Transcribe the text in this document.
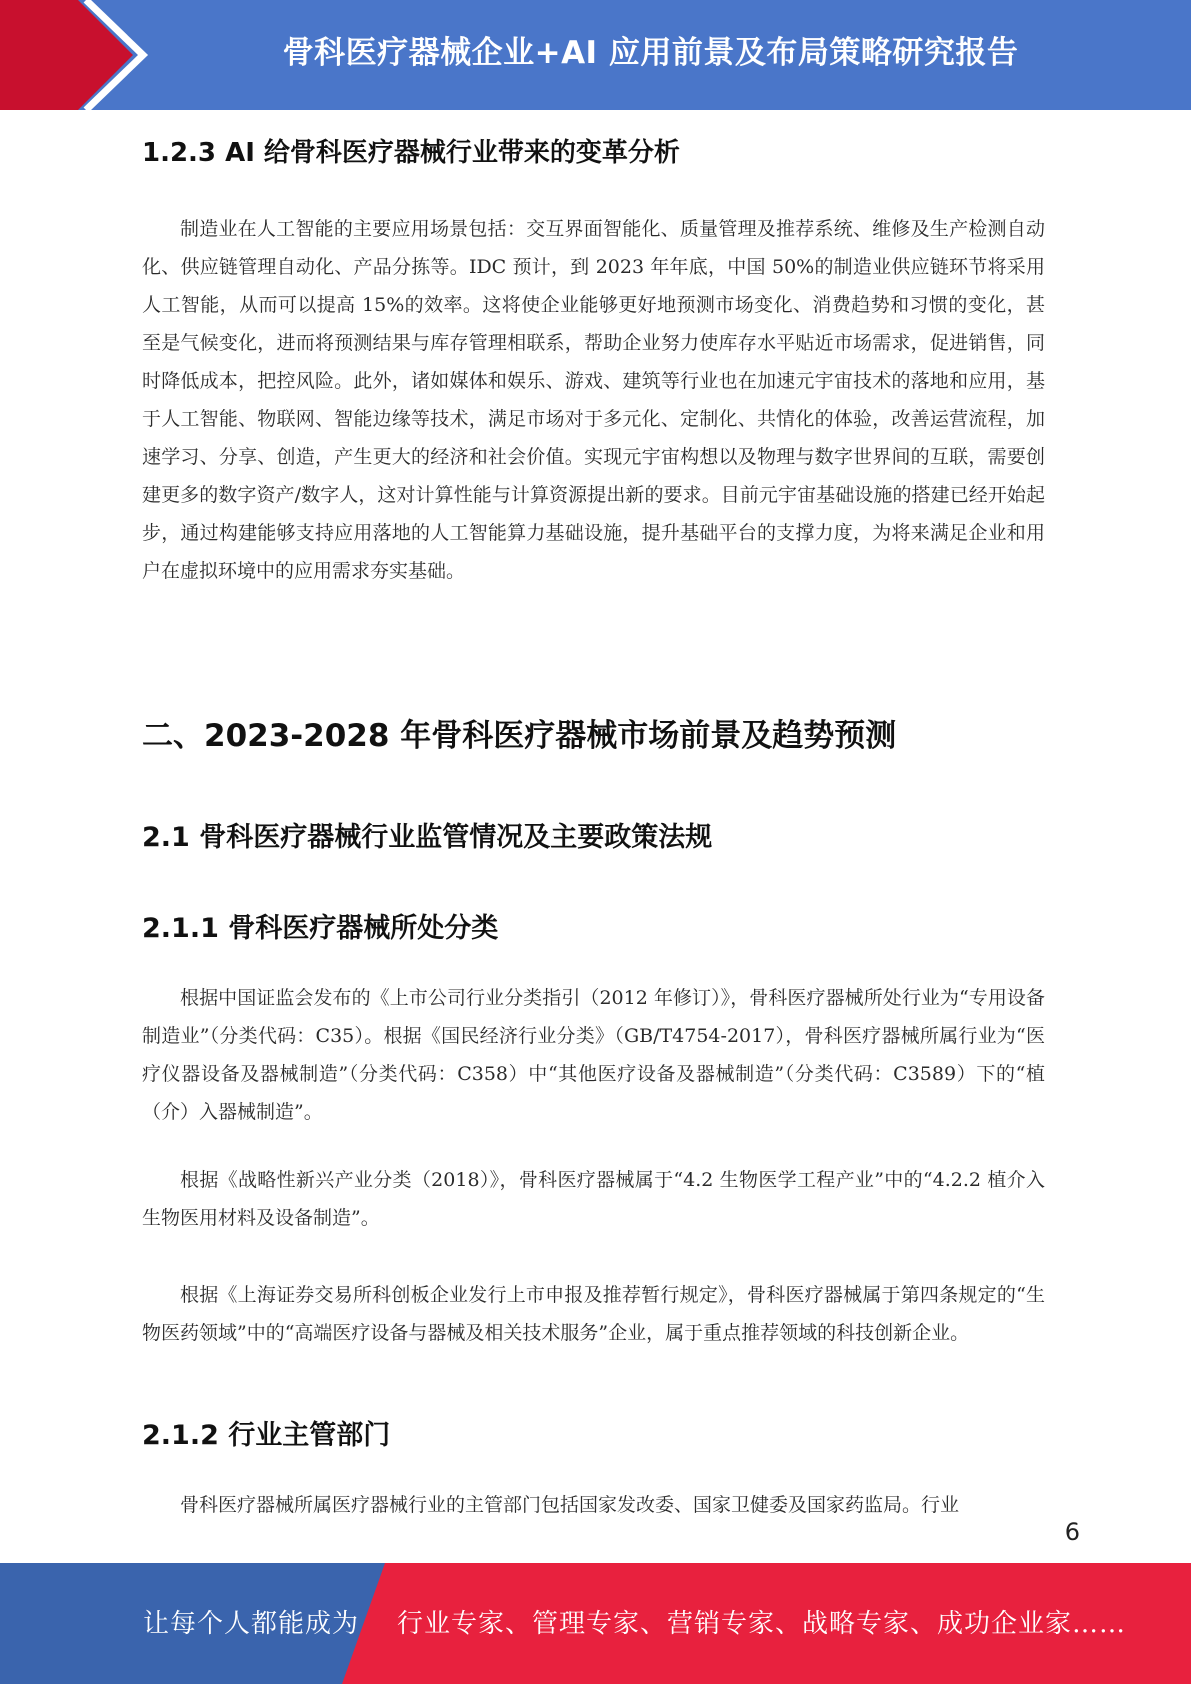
骨科医疗器械企业+AI 应用前景及布局策略研究报告
1.2.3 AI 给骨科医疗器械行业带来的变革分析

制造业在人工智能的主要应用场景包括：交互界面智能化、质量管理及推荐系统、维修及生产检测自动化、供应链管理自动化、产品分拣等。IDC 预计，到 2023 年年底，中国 50%的制造业供应链环节将采用人工智能，从而可以提高 15%的效率。这将使企业能够更好地预测市场变化、消费趋势和习惯的变化，甚至是气候变化，进而将预测结果与库存管理相联系，帮助企业努力使库存水平贴近市场需求，促进销售，同时降低成本，把控风险。此外，诸如媒体和娱乐、游戏、建筑等行业也在加速元宇宙技术的落地和应用，基于人工智能、物联网、智能边缘等技术，满足市场对于多元化、定制化、共情化的体验，改善运营流程，加速学习、分享、创造，产生更大的经济和社会价值。实现元宇宙构想以及物理与数字世界间的互联，需要创建更多的数字资产/数字人，这对计算性能与计算资源提出新的要求。目前元宇宙基础设施的搭建已经开始起步，通过构建能够支持应用落地的人工智能算力基础设施，提升基础平台的支撑力度，为将来满足企业和用户在虚拟环境中的应用需求夯实基础。

二、2023-2028 年骨科医疗器械市场前景及趋势预测
2.1 骨科医疗器械行业监管情况及主要政策法规
2.1.1 骨科医疗器械所处分类

根据中国证监会发布的《上市公司行业分类指引（2012 年修订）》，骨科医疗器械所处行业为“专用设备制造业”（分类代码：C35）。根据《国民经济行业分类》（GB/T4754-2017），骨科医疗器械所属行业为“医疗仪器设备及器械制造”（分类代码：C358）中“其他医疗设备及器械制造”（分类代码：C3589）下的“植（介）入器械制造”。

根据《战略性新兴产业分类（2018）》，骨科医疗器械属于“4.2 生物医学工程产业”中的“4.2.2 植介入生物医用材料及设备制造”。

根据《上海证券交易所科创板企业发行上市申报及推荐暂行规定》，骨科医疗器械属于第四条规定的“生物医药领域”中的“高端医疗设备与器械及相关技术服务”企业，属于重点推荐领域的科技创新企业。

2.1.2 行业主管部门

骨科医疗器械所属医疗器械行业的主管部门包括国家发改委、国家卫健委及国家药监局。行业

6
让每个人都能成为 行业专家、管理专家、营销专家、战略专家、成功企业家……
